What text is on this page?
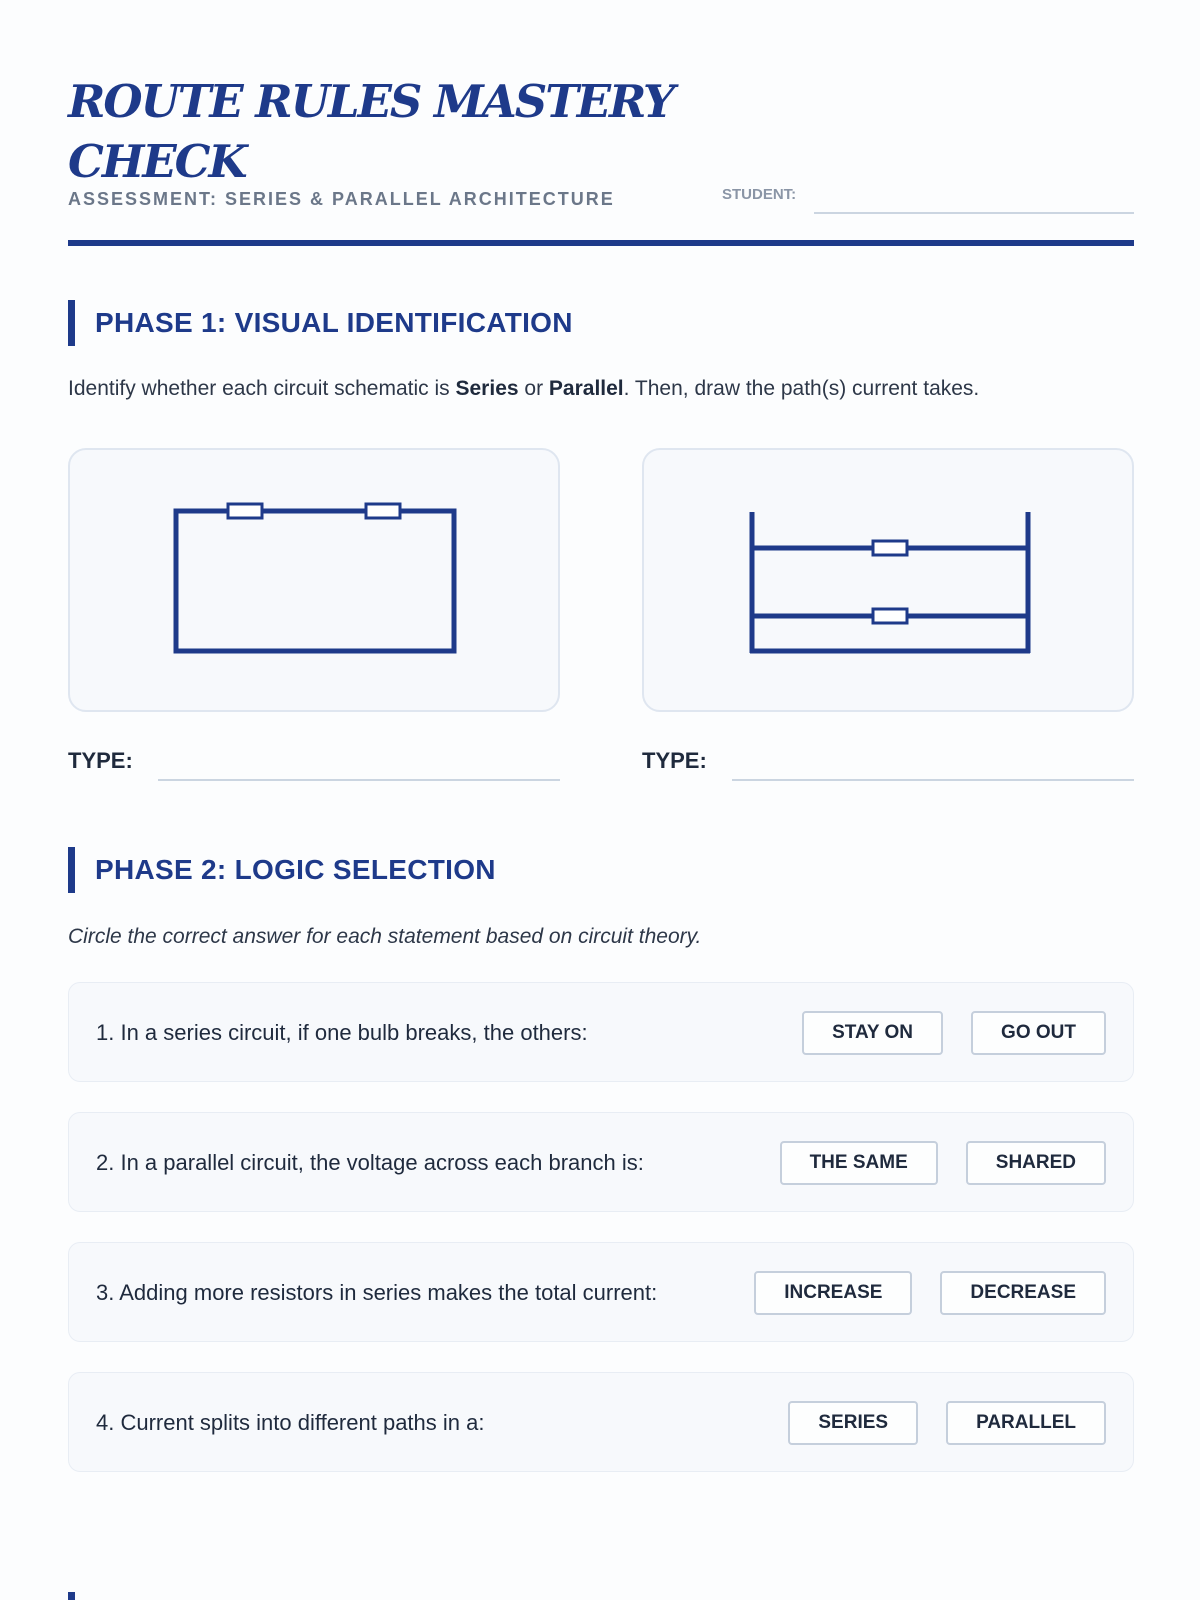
ROUTE RULES MASTERY
CHECK
ASSESSMENT: SERIES & PARALLEL ARCHITECTURE	STUDENT:
PHASE 1: VISUAL IDENTIFICATION
Identify whether each circuit schematic is Series or Parallel. Then, draw the path(s) current takes.
TYPE:	TYPE:
PHASE 2: LOGIC SELECTION
Circle the correct answer for each statement based on circuit theory.
1. In a series circuit, if one bulb breaks, the others:	STAY ON	GO OUT
2. In a parallel circuit, the voltage across each branch is:	THE SAME	SHARED
3. Adding more resistors in series makes the total current:	INCREASE	DECREASE
4. Current splits into different paths in a:	SERIES	PARALLEL
